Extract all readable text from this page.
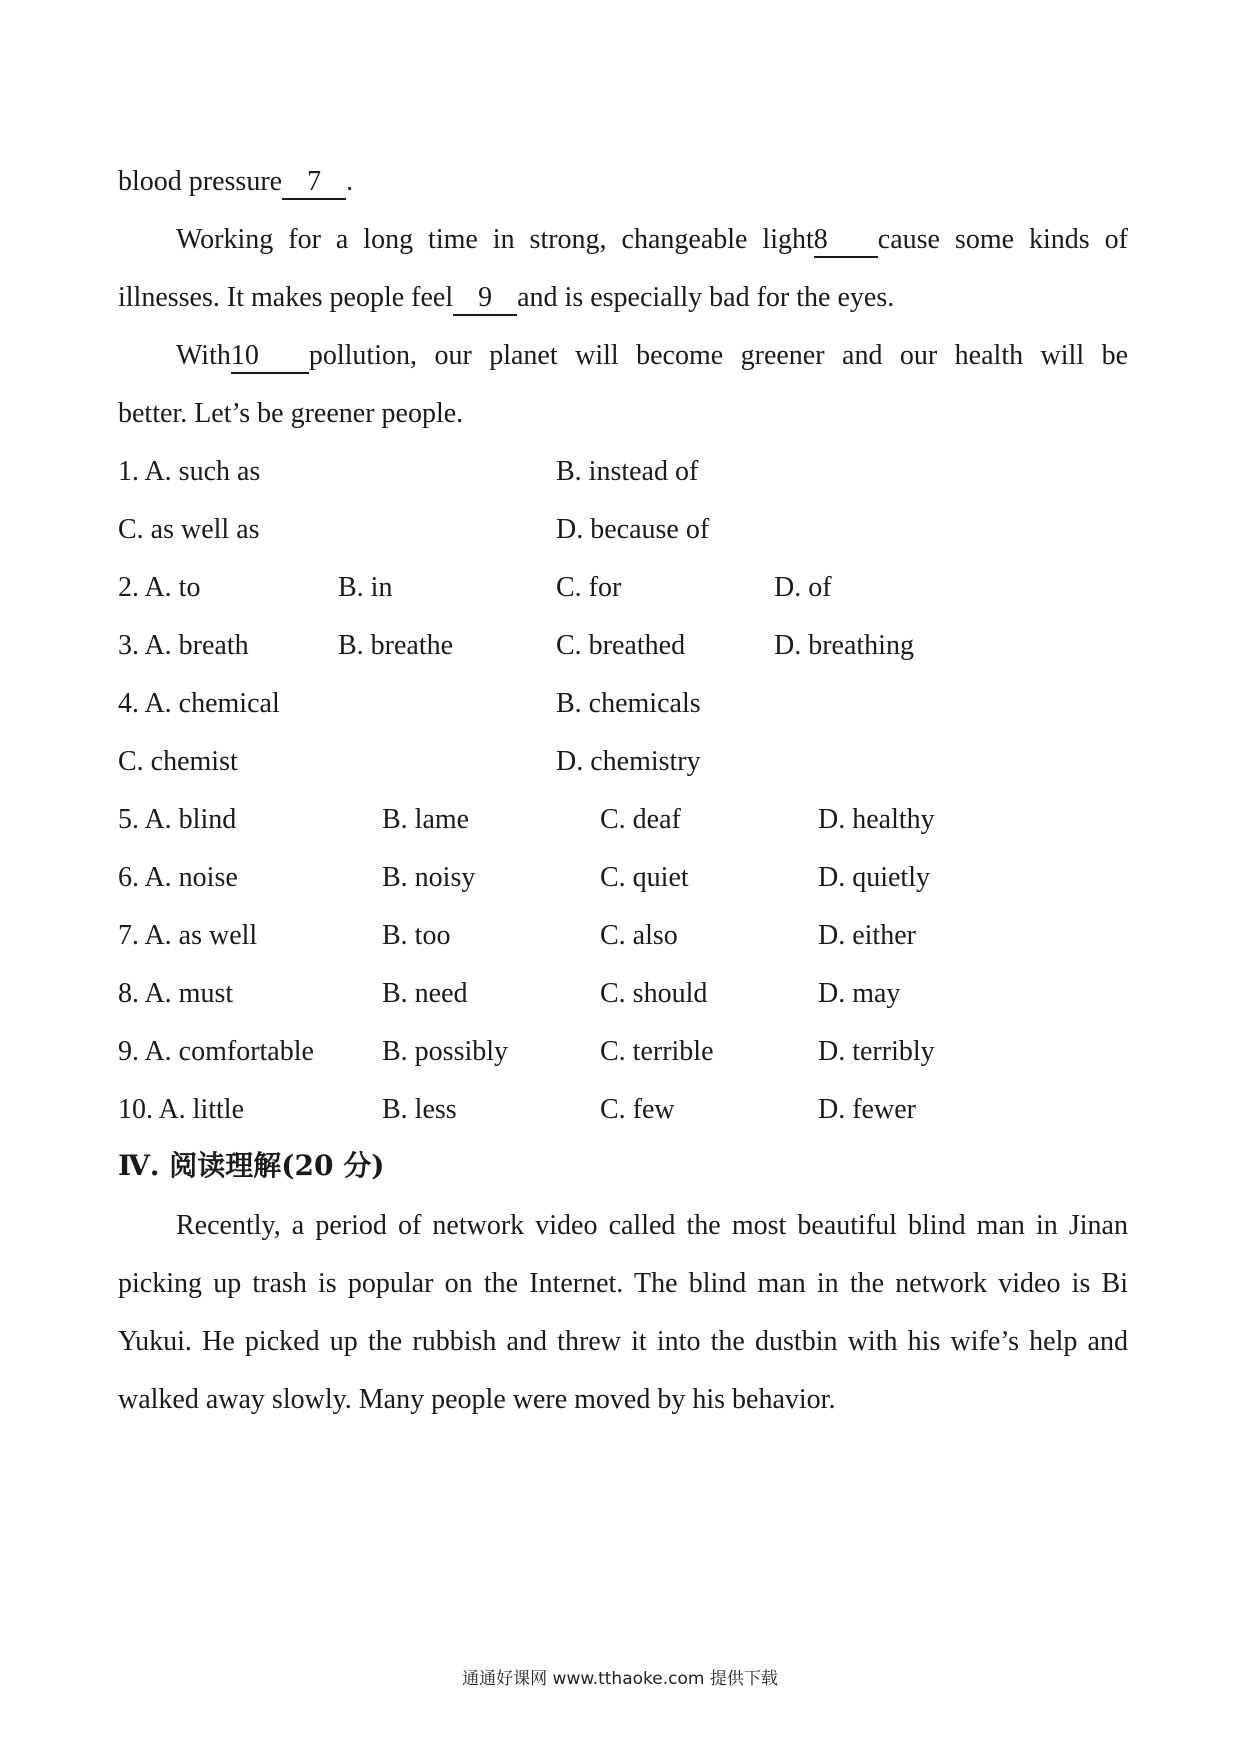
blood pressure 7 .
Working for a long time in strong, changeable light8 cause some kinds of
illnesses. It makes people feel 9 and is especially bad for the eyes.
With10 pollution, our planet will become greener and our health will be
better. Let’s be greener people.
1. A. such as	B. instead of
C. as well as	D. because of
2. A. to	B. in	C. for	D. of
3. A. breath	B. breathe	C. breathed	D. breathing
4. A. chemical	B. chemicals
C. chemist	D. chemistry
5. A. blind	B. lame	C. deaf	D. healthy
6. A. noise	B. noisy	C. quiet	D. quietly
7. A. as well	B. too	C. also	D. either
8. A. must	B. need	C. should	D. may
9. A. comfortable B. possibly	C. terrible	D. terribly
10. A. little	B. less	C. few	D. fewer
Ⅳ. 阅读理解(20 分)
Recently, a period of network video called the most beautiful blind man in Jinan
picking up trash is popular on the Internet. The blind man in the network video is Bi
Yukui. He picked up the rubbish and threw it into the dustbin with his wife’s help and
walked away slowly. Many people were moved by his behavior.
通通好课网 www.tthaoke.com 提供下载
